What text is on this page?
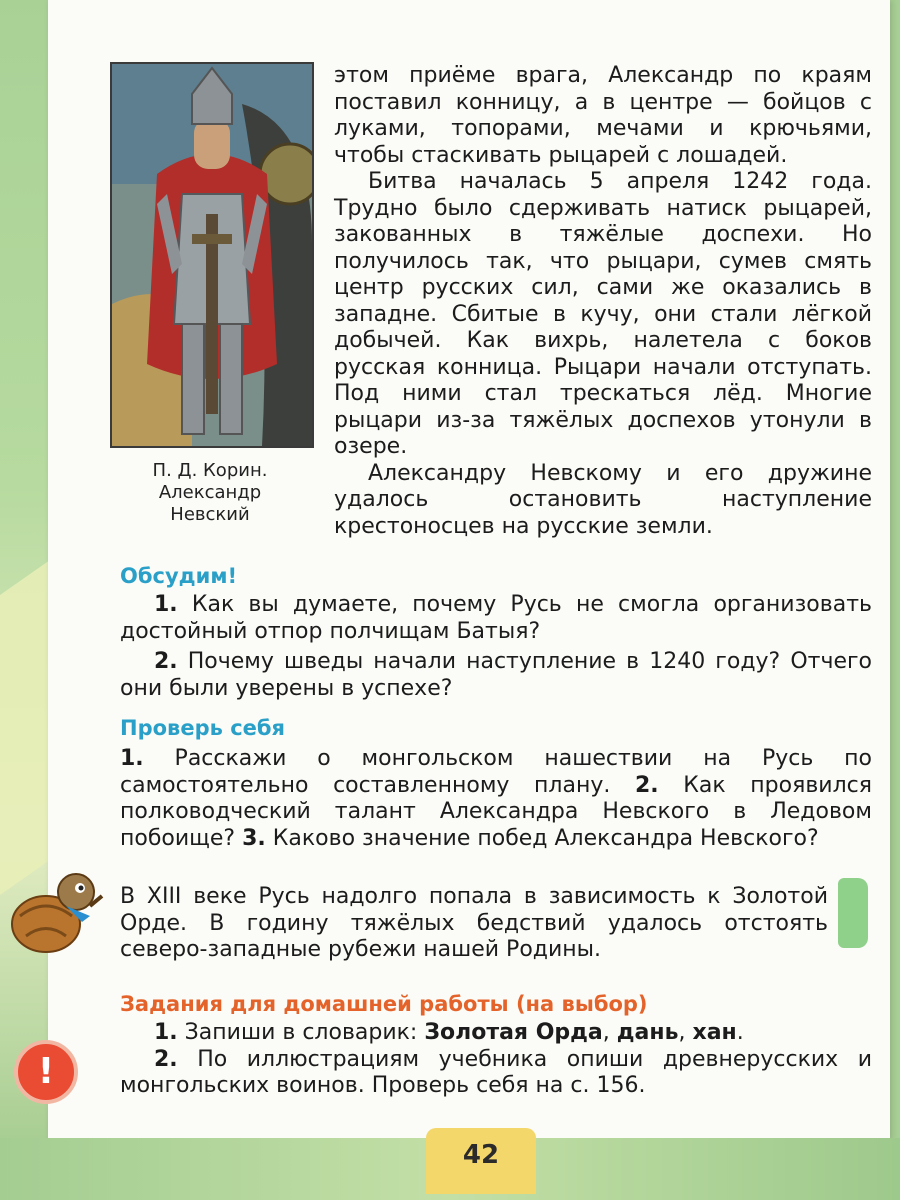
П. Д. Корин.
Александр
Невский

этом приёме врага, Александр по краям поставил конницу, а в центре — бойцов с луками, топорами, мечами и крючьями, чтобы стаскивать рыцарей с лошадей.

Битва началась 5 апреля 1242 года. Трудно было сдерживать натиск рыцарей, закованных в тяжёлые доспехи. Но получилось так, что рыцари, сумев смять центр русских сил, сами же оказались в западне. Сбитые в кучу, они стали лёгкой добычей. Как вихрь, налетела с боков русская конница. Рыцари начали отступать. Под ними стал трескаться лёд. Многие рыцари из-за тяжёлых доспехов утонули в озере.

Александру Невскому и его дружине удалось остановить наступление крестоносцев на русские земли.

Обсудим!

1. Как вы думаете, почему Русь не смогла организовать достойный отпор полчищам Батыя?

2. Почему шведы начали наступление в 1240 году? Отчего они были уверены в успехе?

Проверь себя

1. Расскажи о монгольском нашествии на Русь по самостоятельно составленному плану. 2. Как проявился полководческий талант Александра Невского в Ледовом побоище? 3. Каково значение побед Александра Невского?

В XIII веке Русь надолго попала в зависимость к Золотой Орде. В годину тяжёлых бедствий удалось отстоять северо-западные рубежи нашей Родины.

Задания для домашней работы (на выбор)

1. Запиши в словарик: Золотая Орда, дань, хан.

2. По иллюстрациям учебника опиши древнерусских и монгольских воинов. Проверь себя на с. 156.

!
42
